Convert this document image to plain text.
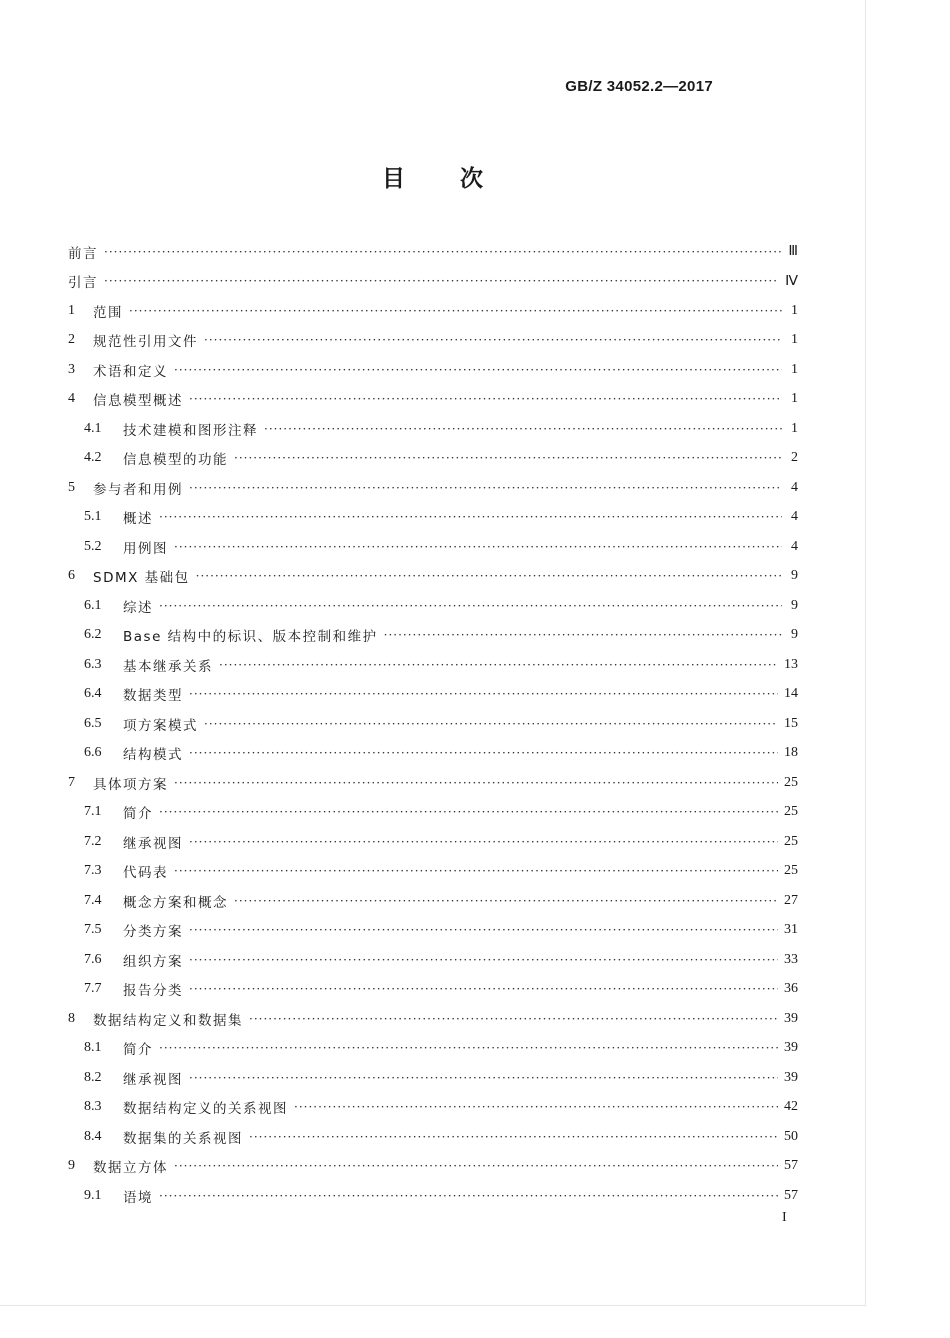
GB/Z 34052.2—2017
目次
前言 ·····	Ⅲ
引言 ·····	Ⅳ
1	范围 ·····	1
2	规范性引用文件 ·····	1
3	术语和定义 ·····	1
4	信息模型概述 ·····	1
4.1	技术建模和图形注释 ·····	1
4.2	信息模型的功能 ·····	2
5	参与者和用例 ·····	4
5.1	概述 ·····	4
5.2	用例图 ·····	4
6	SDMX 基础包 ·····	9
6.1	综述 ·····	9
6.2	Base 结构中的标识、版本控制和维护 ·····	9
6.3	基本继承关系 ·····	13
6.4	数据类型 ·····	14
6.5	项方案模式 ·····	15
6.6	结构模式 ·····	18
7	具体项方案 ·····	25
7.1	简介 ·····	25
7.2	继承视图 ·····	25
7.3	代码表 ·····	25
7.4	概念方案和概念 ·····	27
7.5	分类方案 ·····	31
7.6	组织方案 ·····	33
7.7	报告分类 ·····	36
8	数据结构定义和数据集 ·····	39
8.1	简介 ·····	39
8.2	继承视图 ·····	39
8.3	数据结构定义的关系视图 ·····	42
8.4	数据集的关系视图 ·····	50
9	数据立方体 ·····	57
9.1	语境 ·····	57
I
